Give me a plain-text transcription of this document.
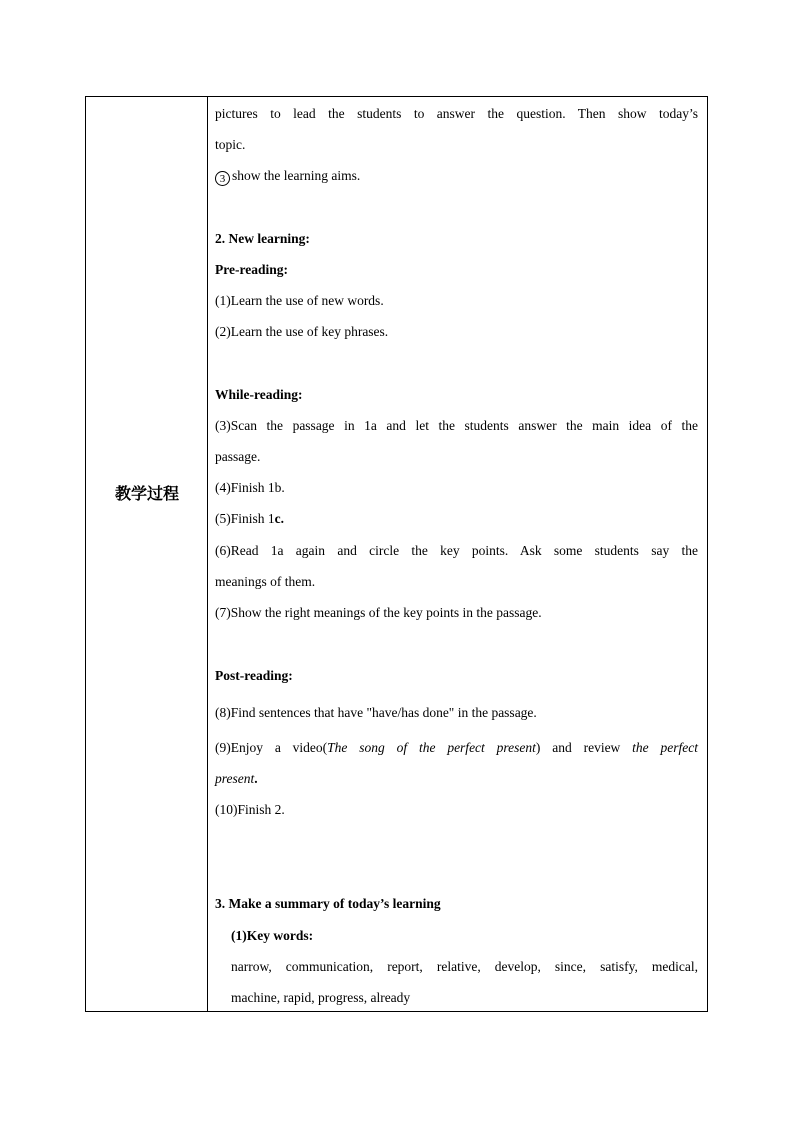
教学过程
pictures to lead the students to answer the question. Then show today’s
topic.
3 show the learning aims.
2. New learning:
Pre-reading:
(1)Learn the use of new words.
(2)Learn the use of key phrases.
While-reading:
(3)Scan the passage in 1a and let the students answer the main idea of the
passage.
(4)Finish 1b.
(5)Finish 1c.
(6)Read 1a again and circle the key points. Ask some students say the
meanings of them.
(7)Show the right meanings of the key points in the passage.
Post-reading:
(8)Find sentences that have "have/has done" in the passage.
(9)Enjoy a video(The song of the perfect present) and review the perfect
present.
(10)Finish 2.
3. Make a summary of today’s learning
(1)Key words:
narrow, communication, report, relative, develop, since, satisfy, medical,
machine, rapid, progress, already
